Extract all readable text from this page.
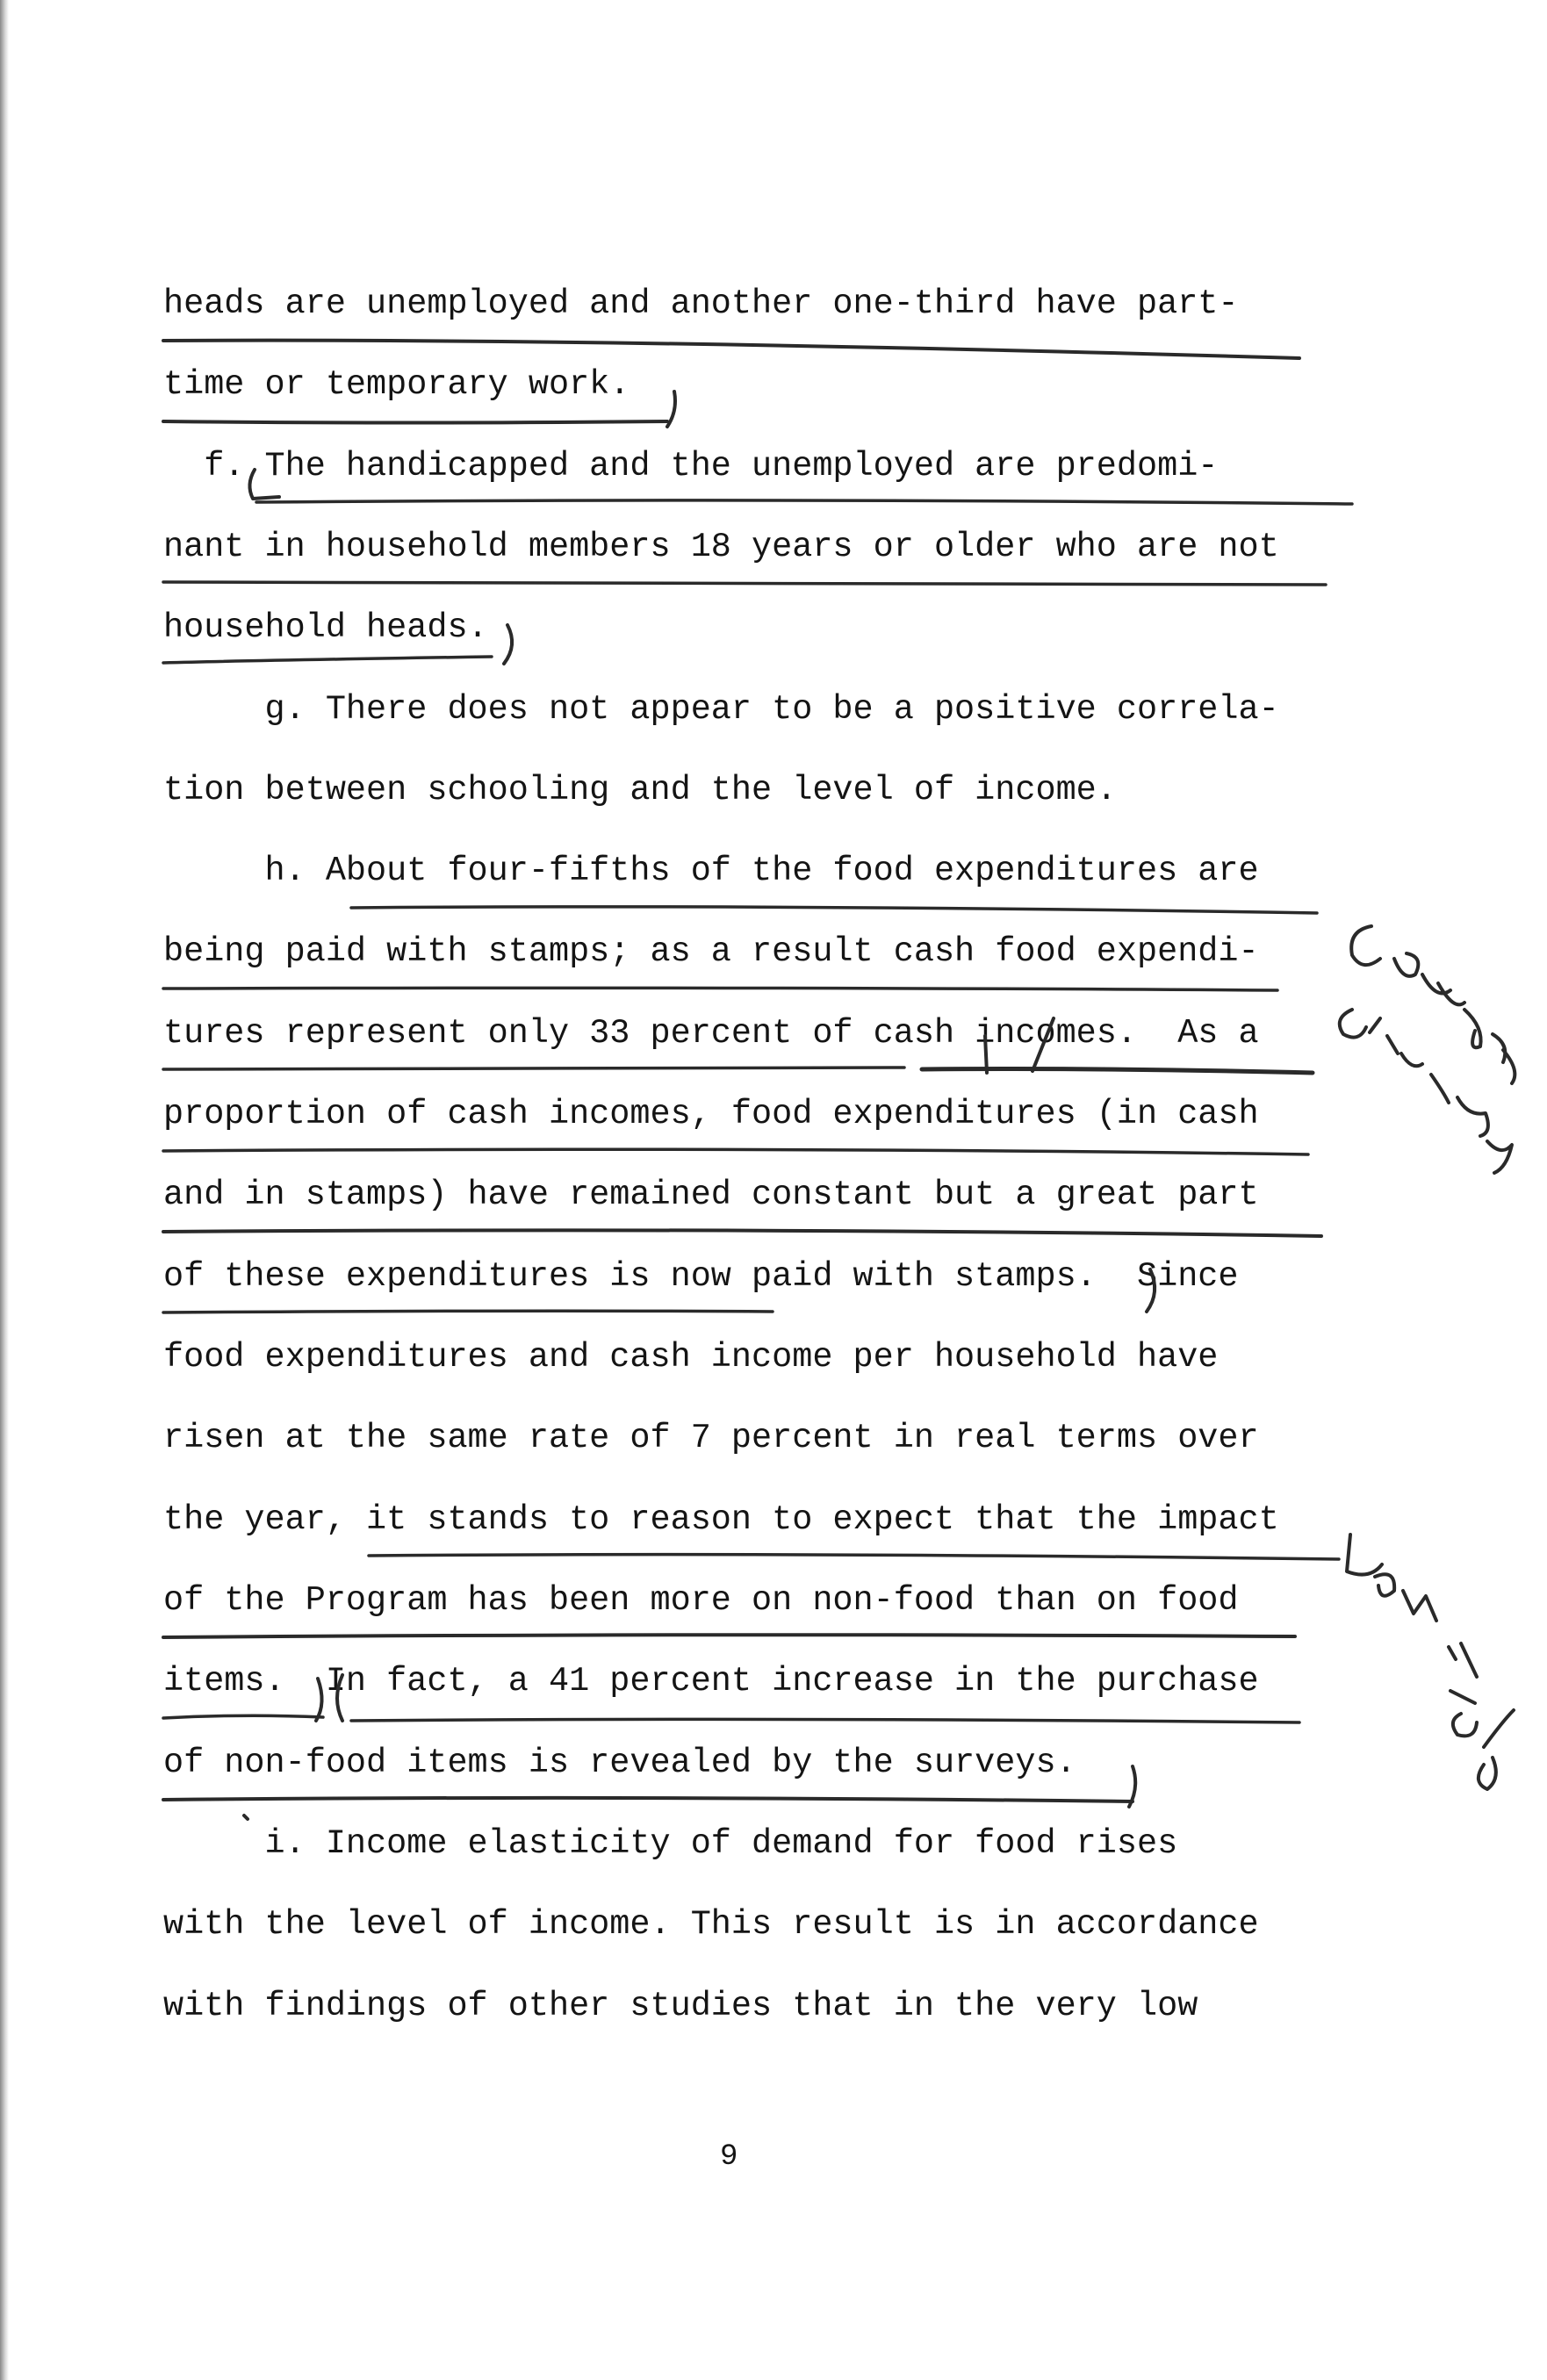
heads are unemployed and another one-third have part-
time or temporary work.
f. The handicapped and the unemployed are predomi-
nant in household members 18 years or older who are not
household heads.
g. There does not appear to be a positive correla-
tion between schooling and the level of income.
h. About four-fifths of the food expenditures are
being paid with stamps; as a result cash food expendi-
tures represent only 33 percent of cash incomes.  As a
proportion of cash incomes, food expenditures (in cash
and in stamps) have remained constant but a great part
of these expenditures is now paid with stamps.  Since
food expenditures and cash income per household have
risen at the same rate of 7 percent in real terms over
the year, it stands to reason to expect that the impact
of the Program has been more on non-food than on food
items.  In fact, a 41 percent increase in the purchase
of non-food items is revealed by the surveys.
i. Income elasticity of demand for food rises
with the level of income. This result is in accordance
with findings of other studies that in the very low
9
